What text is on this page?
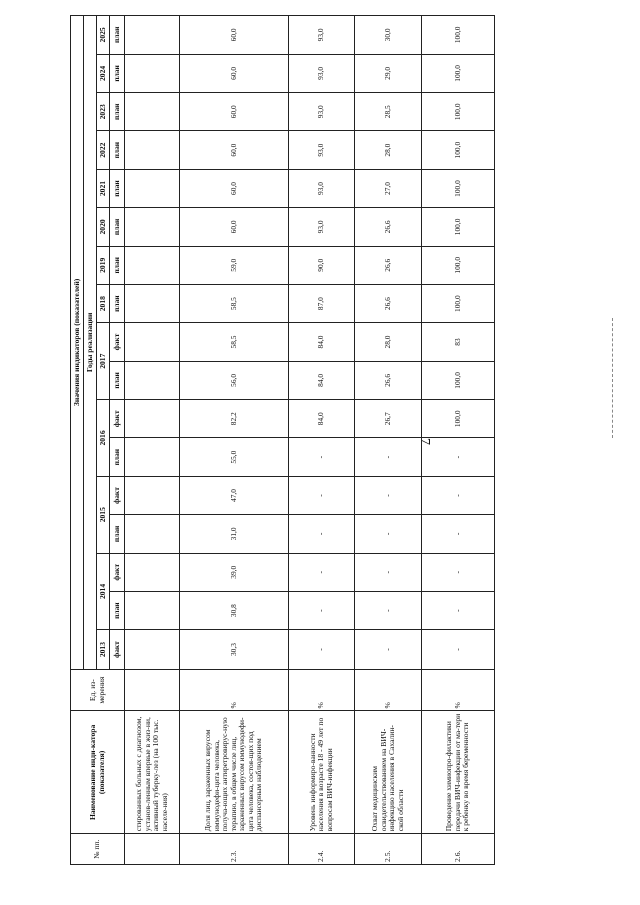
7
№ пп.	Наименование инди-катора (показателя)	Ед. из-мерения	Значения индикаторов (показателей)																
			Годы реализации																
			2013	2014		2015		2016		2017		2018	2019	2020	2021	2022	2023	2024	2025
			факт	план	факт	план	факт	план	факт	план	факт	план	план	план	план	план	план	план	план
	стированных больных с диагнозом, установ-ленным впервые в жиз-ни, активный туберку-лез (на 100 тыс. населе-ния)																		
2.3.	Доля лиц, зараженных вирусом иммунодефи-цита человека, получа-ющих антиретровирус-ную терапию, в общем числе лиц, зараженных вирусом иммунодефи-цита человека, состоя-щих под диспансерным наблюдением	%	30,3	30,8	39,0	31,0	47,0	55,0	82,2	56,0	58,5	58,5	59,0	60,0	60,0	60,0	60,0	60,0	60,0
2.4.	Уровень информиро-ванности населения в возрасте 18 - 49 лет по вопросам ВИЧ-инфекции	%	-	-	-	-	-	-	84,0	84,0	84,0	87,0	90,0	93,0	93,0	93,0	93,0	93,0	93,0
2.5.	Охват медицинским освидетельствованием на ВИЧ-инфекцию населения в Сахалин-ской области	%	-	-	-	-	-	-	26,7	26,6	28,0	26,6	26,6	26,6	27,0	28,0	28,5	29,0	30,0
2.6.	Проведение химиопро-филактики передачи ВИЧ-инфекции от ма-тери к ребенку во время беременности	%	-	-	-	-	-	-	100,0	100,0	83	100,0	100,0	100,0	100,0	100,0	100,0	100,0	100,0
